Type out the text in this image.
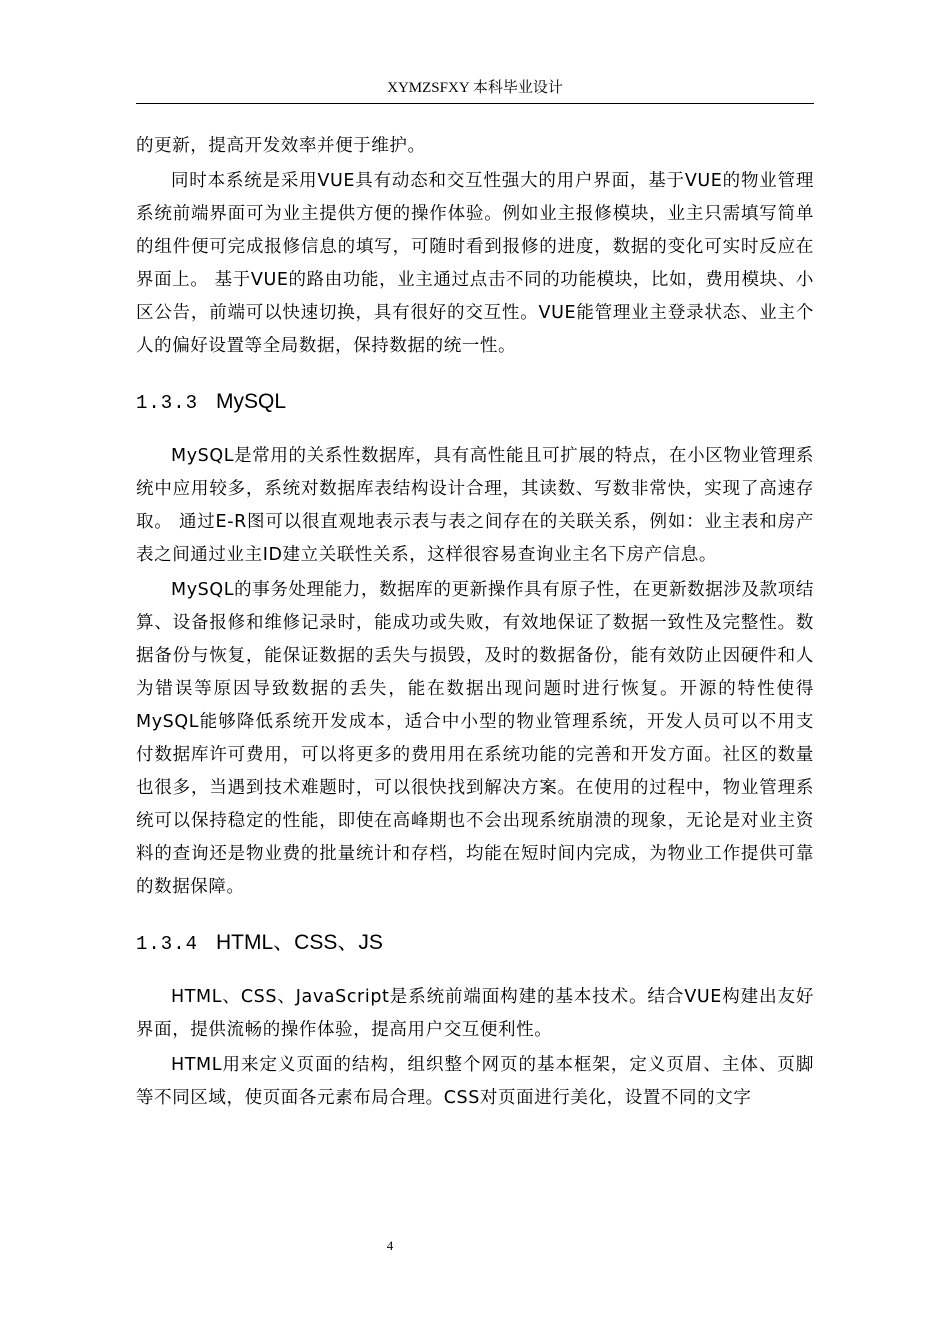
XYMZSFXY 本科毕业设计

的更新，提高开发效率并便于维护。

同时本系统是采用VUE具有动态和交互性强大的用户界面，基于VUE的物业管理系统前端界面可为业主提供方便的操作体验。例如业主报修模块，业主只需填写简单的组件便可完成报修信息的填写，可随时看到报修的进度，数据的变化可实时反应在界面上。 基于VUE的路由功能，业主通过点击不同的功能模块，比如，费用模块、小区公告，前端可以快速切换，具有很好的交互性。VUE能管理业主登录状态、业主个人的偏好设置等全局数据，保持数据的统一性。

1.3.3 MySQL

MySQL是常用的关系性数据库，具有高性能且可扩展的特点，在小区物业管理系统中应用较多，系统对数据库表结构设计合理，其读数、写数非常快，实现了高速存取。 通过E-R图可以很直观地表示表与表之间存在的关联关系，例如：业主表和房产表之间通过业主ID建立关联性关系，这样很容易查询业主名下房产信息。

MySQL的事务处理能力，数据库的更新操作具有原子性，在更新数据涉及款项结算、设备报修和维修记录时，能成功或失败，有效地保证了数据一致性及完整性。数据备份与恢复，能保证数据的丢失与损毁，及时的数据备份，能有效防止因硬件和人为错误等原因导致数据的丢失，能在数据出现问题时进行恢复。开源的特性使得MySQL能够降低系统开发成本，适合中小型的物业管理系统，开发人员可以不用支付数据库许可费用，可以将更多的费用用在系统功能的完善和开发方面。社区的数量也很多，当遇到技术难题时，可以很快找到解决方案。在使用的过程中，物业管理系统可以保持稳定的性能，即使在高峰期也不会出现系统崩溃的现象，无论是对业主资料的查询还是物业费的批量统计和存档，均能在短时间内完成，为物业工作提供可靠的数据保障。

1.3.4 HTML、CSS、JS

HTML、CSS、JavaScript是系统前端面构建的基本技术。结合VUE构建出友好界面，提供流畅的操作体验，提高用户交互便利性。

HTML用来定义页面的结构，组织整个网页的基本框架，定义页眉、主体、页脚等不同区域，使页面各元素布局合理。CSS对页面进行美化，设置不同的文字

4
